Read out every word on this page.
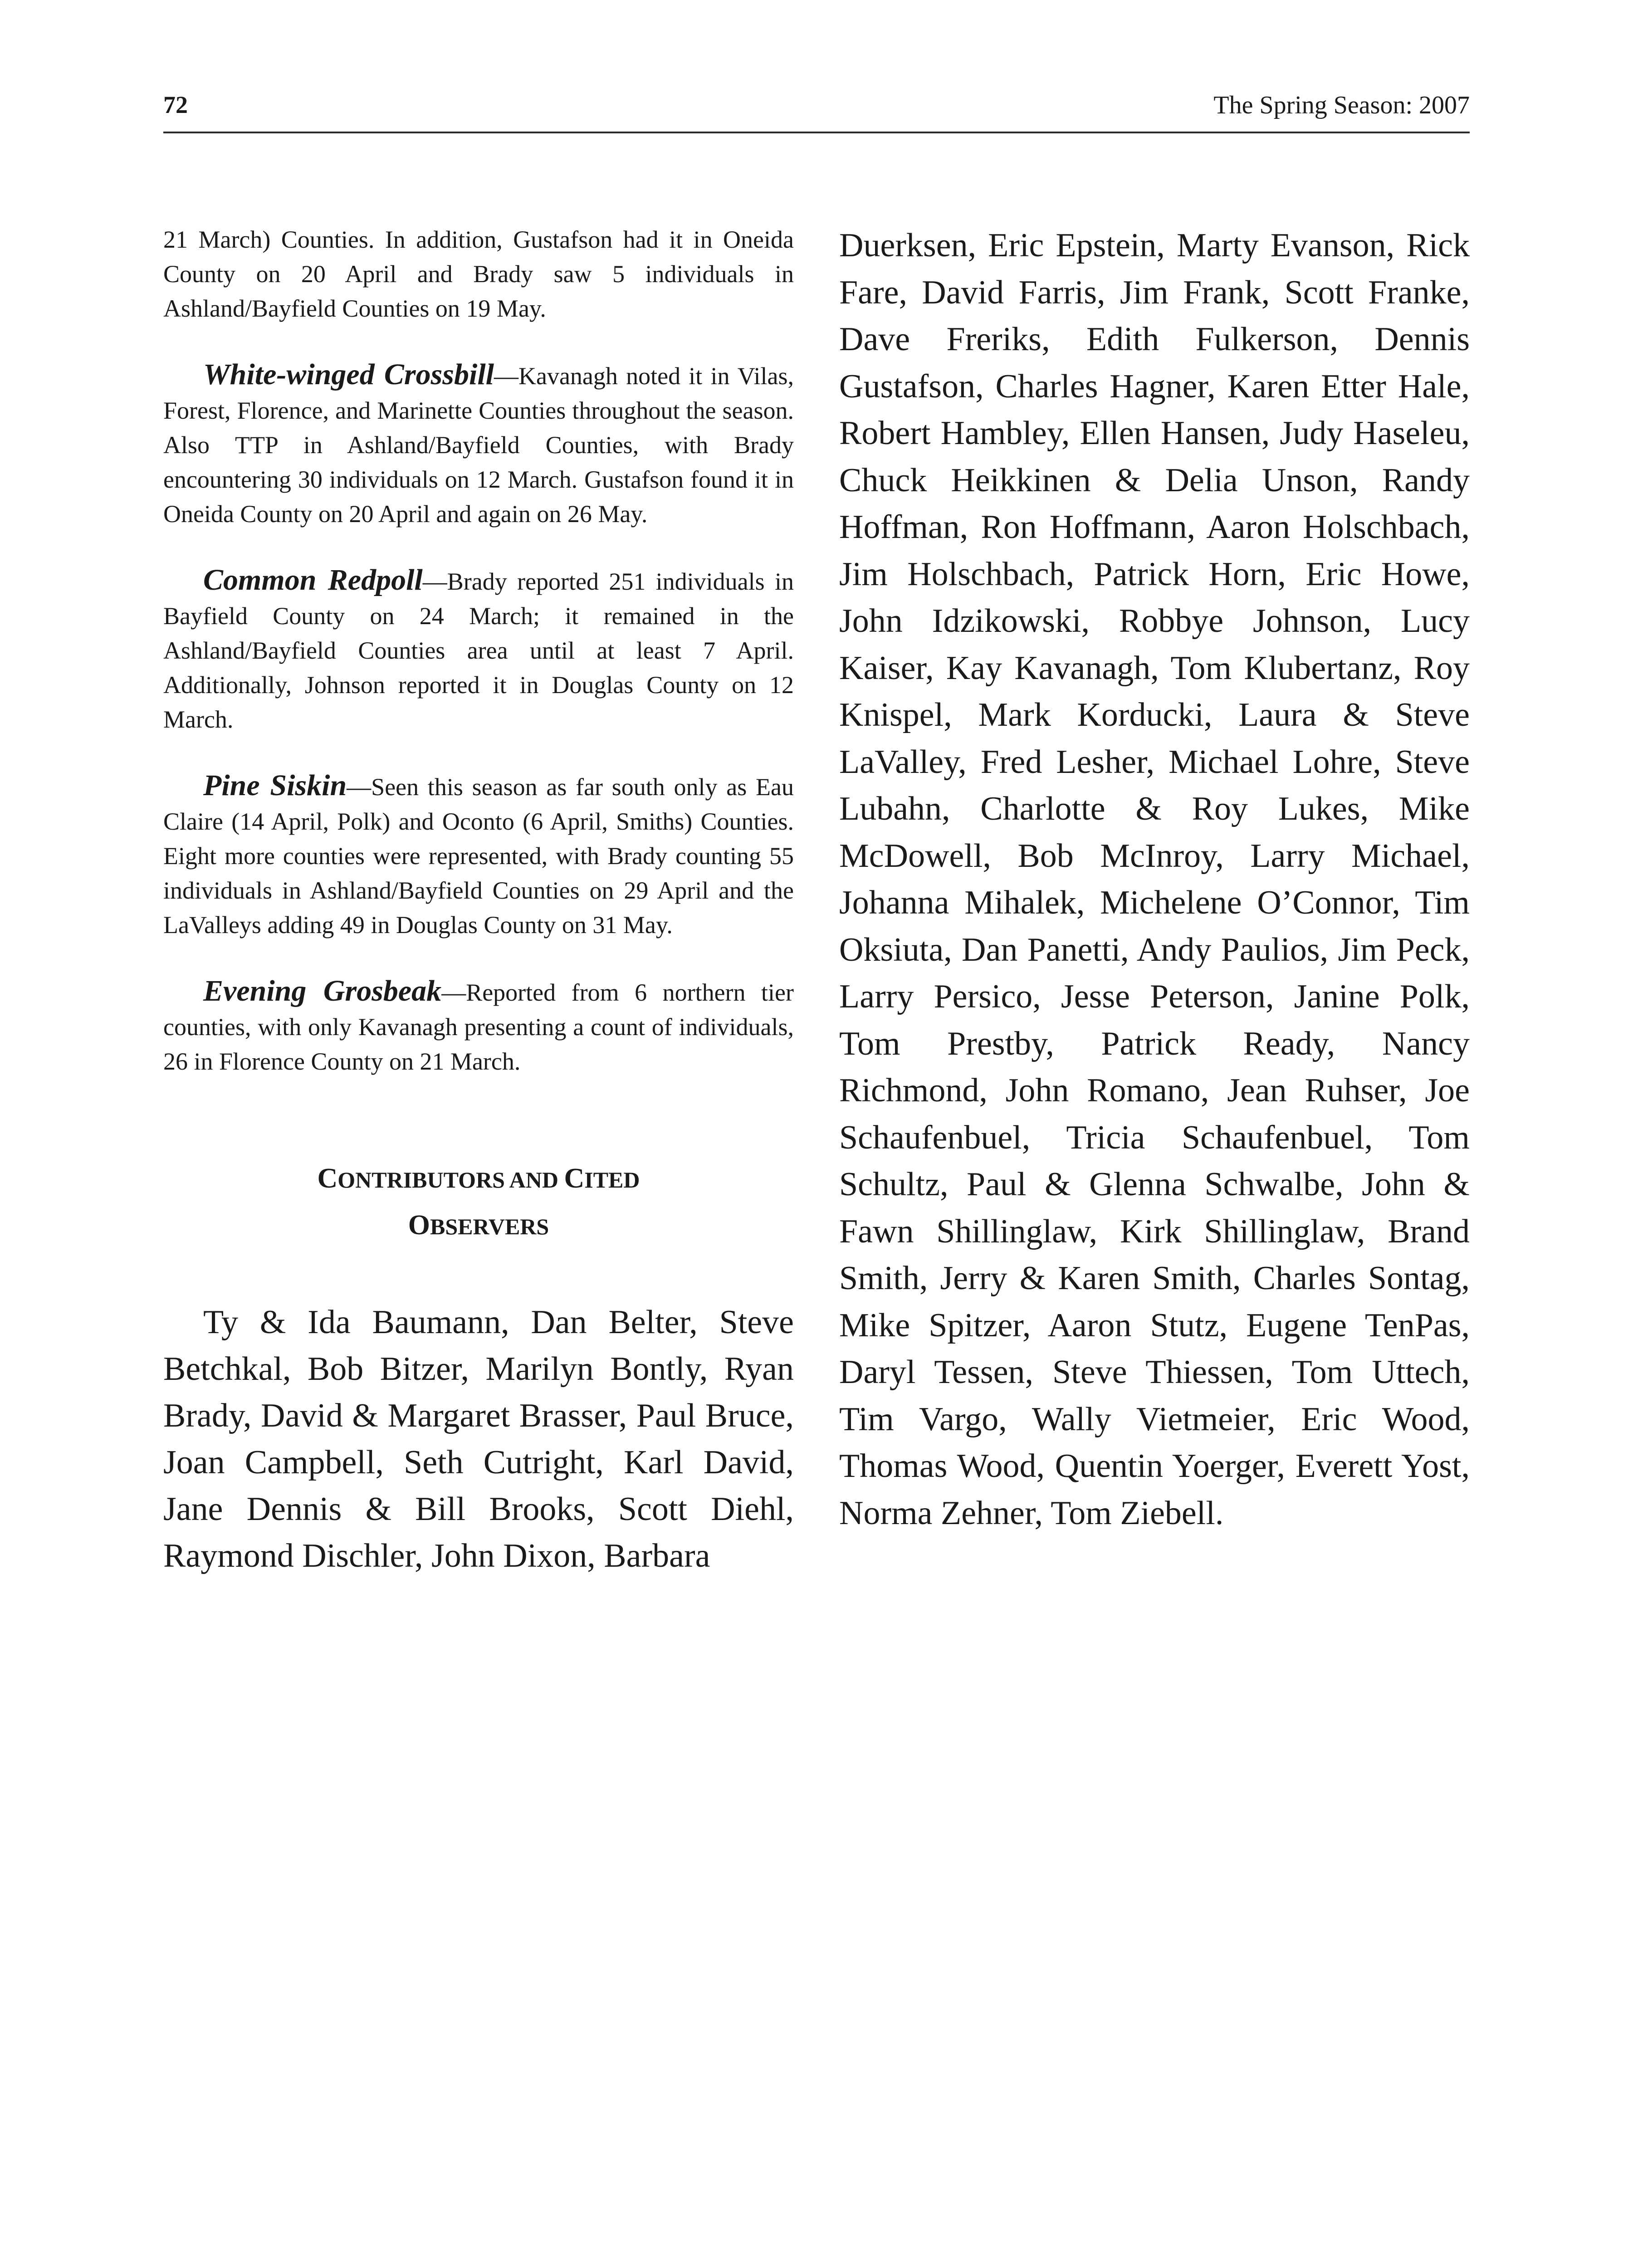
72	The Spring Season: 2007

21 March) Counties. In addition, Gustafson had it in Oneida County on 20 April and Brady saw 5 individuals in Ashland/Bayfield Counties on 19 May.

White-winged Crossbill—Kavanagh noted it in Vilas, Forest, Florence, and Marinette Counties throughout the season. Also TTP in Ashland/Bayfield Counties, with Brady encountering 30 individuals on 12 March. Gustafson found it in Oneida County on 20 April and again on 26 May.

Common Redpoll—Brady reported 251 individuals in Bayfield County on 24 March; it remained in the Ashland/Bayfield Counties area until at least 7 April. Additionally, Johnson reported it in Douglas County on 12 March.

Pine Siskin—Seen this season as far south only as Eau Claire (14 April, Polk) and Oconto (6 April, Smiths) Counties. Eight more counties were represented, with Brady counting 55 individuals in Ashland/Bayfield Counties on 29 April and the LaValleys adding 49 in Douglas County on 31 May.

Evening Grosbeak—Reported from 6 northern tier counties, with only Kavanagh presenting a count of individuals, 26 in Florence County on 21 March.

CONTRIBUTORS AND CITED
OBSERVERS

Ty & Ida Baumann, Dan Belter, Steve Betchkal, Bob Bitzer, Marilyn Bontly, Ryan Brady, David & Margaret Brasser, Paul Bruce, Joan Campbell, Seth Cutright, Karl David, Jane Dennis & Bill Brooks, Scott Diehl, Raymond Dischler, John Dixon, Barbara

Duerksen, Eric Epstein, Marty Evanson, Rick Fare, David Farris, Jim Frank, Scott Franke, Dave Freriks, Edith Fulkerson, Dennis Gustafson, Charles Hagner, Karen Etter Hale, Robert Hambley, Ellen Hansen, Judy Haseleu, Chuck Heikkinen & Delia Unson, Randy Hoffman, Ron Hoffmann, Aaron Holschbach, Jim Holschbach, Patrick Horn, Eric Howe, John Idzikowski, Robbye Johnson, Lucy Kaiser, Kay Kavanagh, Tom Klubertanz, Roy Knispel, Mark Korducki, Laura & Steve LaValley, Fred Lesher, Michael Lohre, Steve Lubahn, Charlotte & Roy Lukes, Mike McDowell, Bob McInroy, Larry Michael, Johanna Mihalek, Michelene O’Connor, Tim Oksiuta, Dan Panetti, Andy Paulios, Jim Peck, Larry Persico, Jesse Peterson, Janine Polk, Tom Prestby, Patrick Ready, Nancy Richmond, John Romano, Jean Ruhser, Joe Schaufenbuel, Tricia Schaufenbuel, Tom Schultz, Paul & Glenna Schwalbe, John & Fawn Shillinglaw, Kirk Shillinglaw, Brand Smith, Jerry & Karen Smith, Charles Sontag, Mike Spitzer, Aaron Stutz, Eugene TenPas, Daryl Tessen, Steve Thiessen, Tom Uttech, Tim Vargo, Wally Vietmeier, Eric Wood, Thomas Wood, Quentin Yoerger, Everett Yost, Norma Zehner, Tom Ziebell.
